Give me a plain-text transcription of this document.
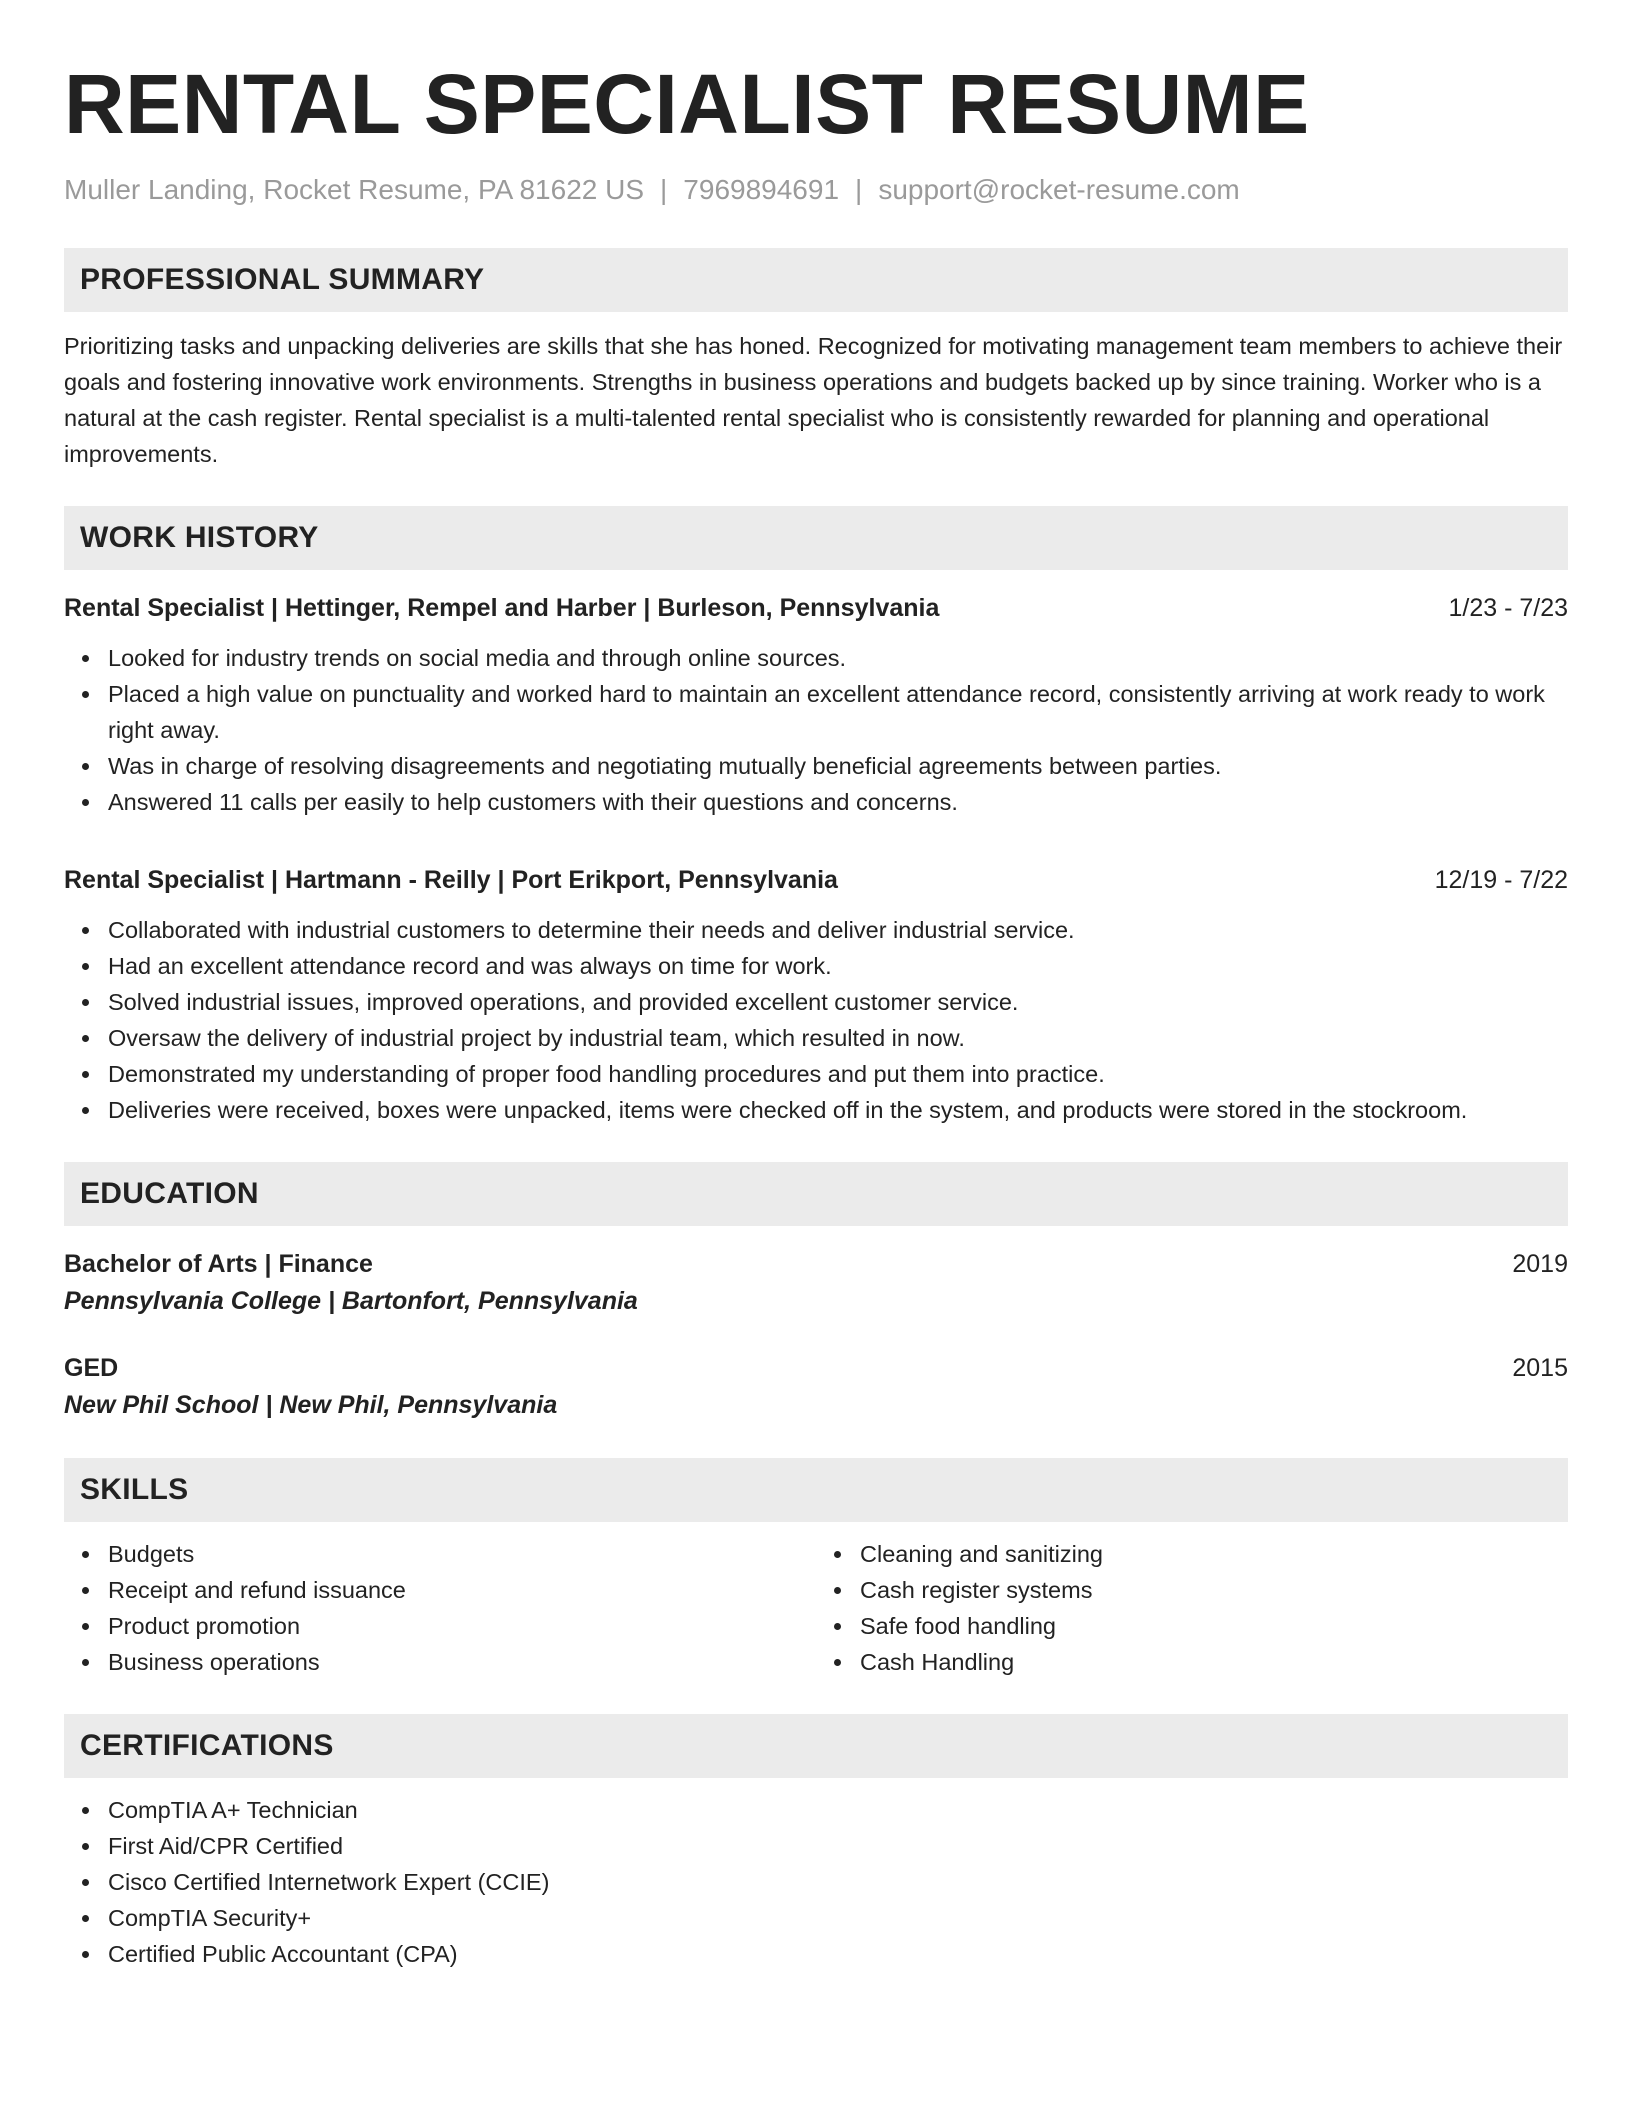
RENTAL SPECIALIST RESUME
Muller Landing, Rocket Resume, PA 81622 US | 7969894691 | support@rocket-resume.com
PROFESSIONAL SUMMARY
Prioritizing tasks and unpacking deliveries are skills that she has honed. Recognized for motivating management team members to achieve their goals and fostering innovative work environments. Strengths in business operations and budgets backed up by since training. Worker who is a natural at the cash register. Rental specialist is a multi-talented rental specialist who is consistently rewarded for planning and operational improvements.
WORK HISTORY
Rental Specialist | Hettinger, Rempel and Harber | Burleson, Pennsylvania	1/23 - 7/23
Looked for industry trends on social media and through online sources.
Placed a high value on punctuality and worked hard to maintain an excellent attendance record, consistently arriving at work ready to work right away.
Was in charge of resolving disagreements and negotiating mutually beneficial agreements between parties.
Answered 11 calls per easily to help customers with their questions and concerns.
Rental Specialist | Hartmann - Reilly | Port Erikport, Pennsylvania	12/19 - 7/22
Collaborated with industrial customers to determine their needs and deliver industrial service.
Had an excellent attendance record and was always on time for work.
Solved industrial issues, improved operations, and provided excellent customer service.
Oversaw the delivery of industrial project by industrial team, which resulted in now.
Demonstrated my understanding of proper food handling procedures and put them into practice.
Deliveries were received, boxes were unpacked, items were checked off in the system, and products were stored in the stockroom.
EDUCATION
Bachelor of Arts | Finance	2019
Pennsylvania College | Bartonfort, Pennsylvania
GED	2015
New Phil School | New Phil, Pennsylvania
SKILLS
Budgets
Receipt and refund issuance
Product promotion
Business operations
Cleaning and sanitizing
Cash register systems
Safe food handling
Cash Handling
CERTIFICATIONS
CompTIA A+ Technician
First Aid/CPR Certified
Cisco Certified Internetwork Expert (CCIE)
CompTIA Security+
Certified Public Accountant (CPA)
